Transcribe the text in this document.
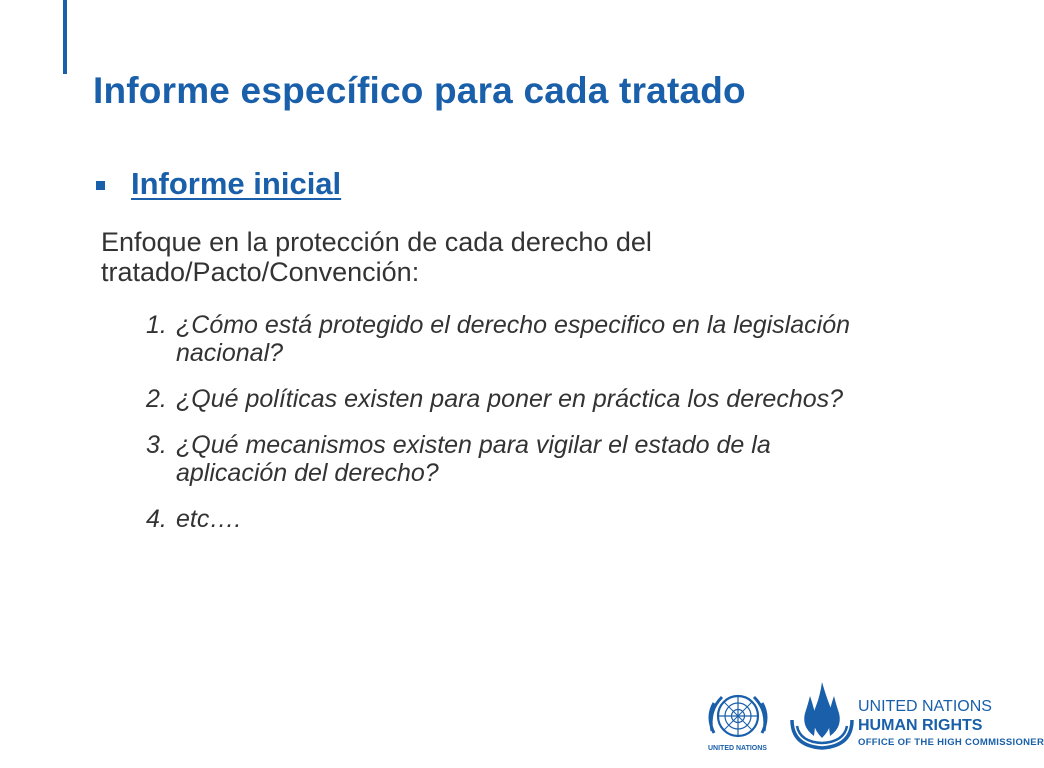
Informe específico para cada tratado
Informe inicial

Enfoque en la protección de cada derecho del tratado/Pacto/Convención:

1. ¿Cómo está protegido el derecho especifico en la legislación nacional?
2. ¿Qué políticas existen para poner en práctica los derechos?
3. ¿Qué mecanismos existen para vigilar el estado de la aplicación del derecho?
4. etc….
UNITED NATIONS
UNITED NATIONS
HUMAN RIGHTS
OFFICE OF THE HIGH COMMISSIONER
